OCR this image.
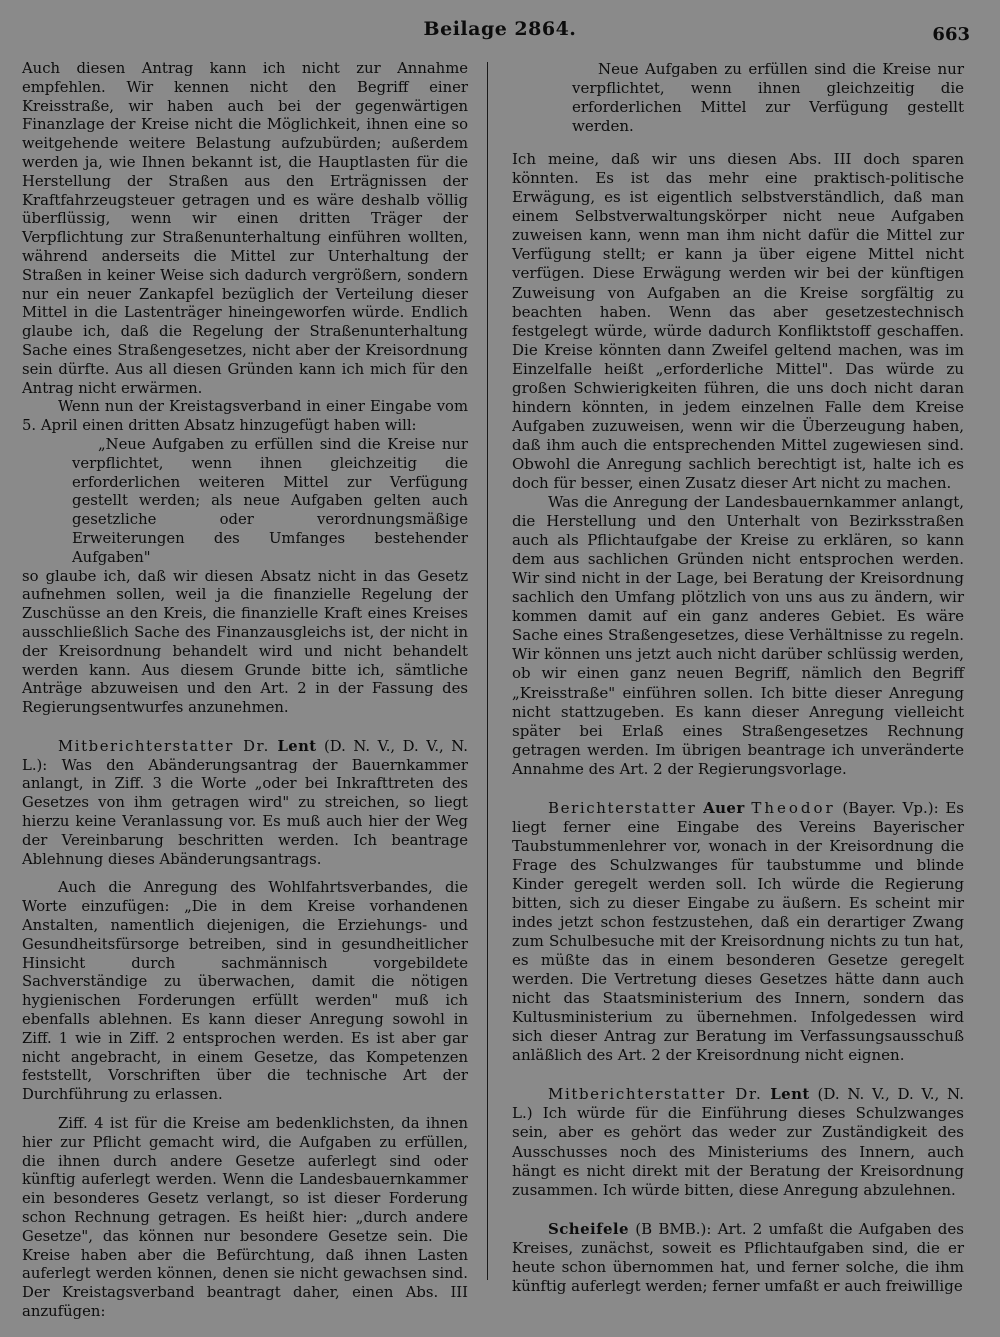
Beilage 2864.	663

Auch diesen Antrag kann ich nicht zur Annahme empfehlen. Wir kennen nicht den Begriff einer Kreisstraße, wir haben auch bei der gegenwärtigen Finanzlage der Kreise nicht die Möglichkeit, ihnen eine so weitgehende weitere Belastung aufzubürden; außerdem werden ja, wie Ihnen bekannt ist, die Hauptlasten für die Herstellung der Straßen aus den Erträgnissen der Kraftfahrzeugsteuer getragen und es wäre deshalb völlig überflüssig, wenn wir einen dritten Träger der Verpflichtung zur Straßenunterhaltung einführen wollten, während anderseits die Mittel zur Unterhaltung der Straßen in keiner Weise sich dadurch vergrößern, sondern nur ein neuer Zankapfel bezüglich der Verteilung dieser Mittel in die Lastenträger hineingeworfen würde. Endlich glaube ich, daß die Regelung der Straßenunterhaltung Sache eines Straßengesetzes, nicht aber der Kreisordnung sein dürfte. Aus all diesen Gründen kann ich mich für den Antrag nicht erwärmen.

Wenn nun der Kreistagsverband in einer Eingabe vom 5. April einen dritten Absatz hinzugefügt haben will:

„Neue Aufgaben zu erfüllen sind die Kreise nur verpflichtet, wenn ihnen gleichzeitig die erforderlichen weiteren Mittel zur Verfügung gestellt werden; als neue Aufgaben gelten auch gesetzliche oder verordnungsmäßige Erweiterungen des Umfanges bestehender Aufgaben"

so glaube ich, daß wir diesen Absatz nicht in das Gesetz aufnehmen sollen, weil ja die finanzielle Regelung der Zuschüsse an den Kreis, die finanzielle Kraft eines Kreises ausschließlich Sache des Finanzausgleichs ist, der nicht in der Kreisordnung behandelt wird und nicht behandelt werden kann. Aus diesem Grunde bitte ich, sämtliche Anträge abzuweisen und den Art. 2 in der Fassung des Regierungsentwurfes anzunehmen.

Mitberichterstatter Dr. Lent (D. N. V., D. V., N. L.): Was den Abänderungsantrag der Bauernkammer anlangt, in Ziff. 3 die Worte „oder bei Inkrafttreten des Gesetzes von ihm getragen wird" zu streichen, so liegt hierzu keine Veranlassung vor. Es muß auch hier der Weg der Vereinbarung beschritten werden. Ich beantrage Ablehnung dieses Abänderungsantrags.

Auch die Anregung des Wohlfahrtsverbandes, die Worte einzufügen: „Die in dem Kreise vorhandenen Anstalten, namentlich diejenigen, die Erziehungs- und Gesundheitsfürsorge betreiben, sind in gesundheitlicher Hinsicht durch sachmännisch vorgebildete Sachverständige zu überwachen, damit die nötigen hygienischen Forderungen erfüllt werden" muß ich ebenfalls ablehnen. Es kann dieser Anregung sowohl in Ziff. 1 wie in Ziff. 2 entsprochen werden. Es ist aber gar nicht angebracht, in einem Gesetze, das Kompetenzen feststellt, Vorschriften über die technische Art der Durchführung zu erlassen.

Ziff. 4 ist für die Kreise am bedenklichsten, da ihnen hier zur Pflicht gemacht wird, die Aufgaben zu erfüllen, die ihnen durch andere Gesetze auferlegt sind oder künftig auferlegt werden. Wenn die Landesbauernkammer ein besonderes Gesetz verlangt, so ist dieser Forderung schon Rechnung getragen. Es heißt hier: „durch andere Gesetze", das können nur besondere Gesetze sein. Die Kreise haben aber die Befürchtung, daß ihnen Lasten auferlegt werden können, denen sie nicht gewachsen sind. Der Kreistagsverband beantragt daher, einen Abs. III anzufügen:

Neue Aufgaben zu erfüllen sind die Kreise nur verpflichtet, wenn ihnen gleichzeitig die erforderlichen Mittel zur Verfügung gestellt werden.

Ich meine, daß wir uns diesen Abs. III doch sparen könnten. Es ist das mehr eine praktisch-politische Erwägung, es ist eigentlich selbstverständlich, daß man einem Selbstverwaltungskörper nicht neue Aufgaben zuweisen kann, wenn man ihm nicht dafür die Mittel zur Verfügung stellt; er kann ja über eigene Mittel nicht verfügen. Diese Erwägung werden wir bei der künftigen Zuweisung von Aufgaben an die Kreise sorgfältig zu beachten haben. Wenn das aber gesetzestechnisch festgelegt würde, würde dadurch Konfliktstoff geschaffen. Die Kreise könnten dann Zweifel geltend machen, was im Einzelfalle heißt „erforderliche Mittel". Das würde zu großen Schwierigkeiten führen, die uns doch nicht daran hindern könnten, in jedem einzelnen Falle dem Kreise Aufgaben zuzuweisen, wenn wir die Überzeugung haben, daß ihm auch die entsprechenden Mittel zugewiesen sind. Obwohl die Anregung sachlich berechtigt ist, halte ich es doch für besser, einen Zusatz dieser Art nicht zu machen.

Was die Anregung der Landesbauernkammer anlangt, die Herstellung und den Unterhalt von Bezirksstraßen auch als Pflichtaufgabe der Kreise zu erklären, so kann dem aus sachlichen Gründen nicht entsprochen werden. Wir sind nicht in der Lage, bei Beratung der Kreisordnung sachlich den Umfang plötzlich von uns aus zu ändern, wir kommen damit auf ein ganz anderes Gebiet. Es wäre Sache eines Straßengesetzes, diese Verhältnisse zu regeln. Wir können uns jetzt auch nicht darüber schlüssig werden, ob wir einen ganz neuen Begriff, nämlich den Begriff „Kreisstraße" einführen sollen. Ich bitte dieser Anregung nicht stattzugeben. Es kann dieser Anregung vielleicht später bei Erlaß eines Straßengesetzes Rechnung getragen werden. Im übrigen beantrage ich unveränderte Annahme des Art. 2 der Regierungsvorlage.

Berichterstatter Auer Theodor (Bayer. Vp.): Es liegt ferner eine Eingabe des Vereins Bayerischer Taubstummenlehrer vor, wonach in der Kreisordnung die Frage des Schulzwanges für taubstumme und blinde Kinder geregelt werden soll. Ich würde die Regierung bitten, sich zu dieser Eingabe zu äußern. Es scheint mir indes jetzt schon festzustehen, daß ein derartiger Zwang zum Schulbesuche mit der Kreisordnung nichts zu tun hat, es müßte das in einem besonderen Gesetze geregelt werden. Die Vertretung dieses Gesetzes hätte dann auch nicht das Staatsministerium des Innern, sondern das Kultusministerium zu übernehmen. Infolgedessen wird sich dieser Antrag zur Beratung im Verfassungsausschuß anläßlich des Art. 2 der Kreisordnung nicht eignen.

Mitberichterstatter Dr. Lent (D. N. V., D. V., N. L.) Ich würde für die Einführung dieses Schulzwanges sein, aber es gehört das weder zur Zuständigkeit des Ausschusses noch des Ministeriums des Innern, auch hängt es nicht direkt mit der Beratung der Kreisordnung zusammen. Ich würde bitten, diese Anregung abzulehnen.

Scheifele (B BMB.): Art. 2 umfaßt die Aufgaben des Kreises, zunächst, soweit es Pflichtaufgaben sind, die er heute schon übernommen hat, und ferner solche, die ihm künftig auferlegt werden; ferner umfaßt er auch freiwillige
